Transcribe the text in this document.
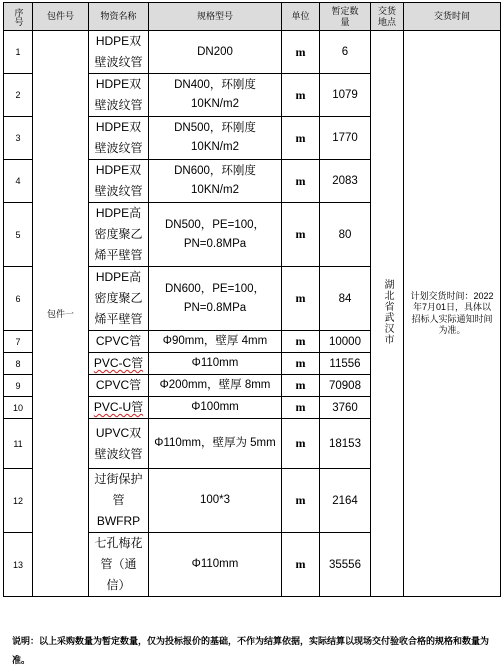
序号	包件号	物资名称	规格型号	单位	暂定数量	交货地点	交货时间
1	包件一	HDPE双壁波纹管	DN200	m	6	湖北省武汉市	计划交货时间：2022年7月01日，具体以招标人实际通知时间为准。
2		HDPE双壁波纹管	DN400，环刚度 10KN/m2	m	1079		
3		HDPE双壁波纹管	DN500，环刚度 10KN/m2	m	1770		
4		HDPE双壁波纹管	DN600，环刚度 10KN/m2	m	2083		
5		HDPE高密度聚乙烯平壁管	DN500，PE=100，PN=0.8MPa	m	80		
6		HDPE高密度聚乙烯平壁管	DN600，PE=100，PN=0.8MPa	m	84		
7		CPVC管	Φ90mm，壁厚 4mm	m	10000		
8		PVC-C管	Φ110mm	m	11556		
9		CPVC管	Φ200mm，壁厚 8mm	m	70908		
10		PVC-U管	Φ100mm	m	3760		
11		UPVC双壁波纹管	Φ110mm，壁厚为 5mm	m	18153		
12		过街保护管 BWFRP	100*3	m	2164		
13		七孔梅花管（通信）	Φ110mm	m	35556		
说明：以上采购数量为暂定数量，仅为投标报价的基础，不作为结算依据，实际结算以现场交付验收合格的规格和数量为准。
